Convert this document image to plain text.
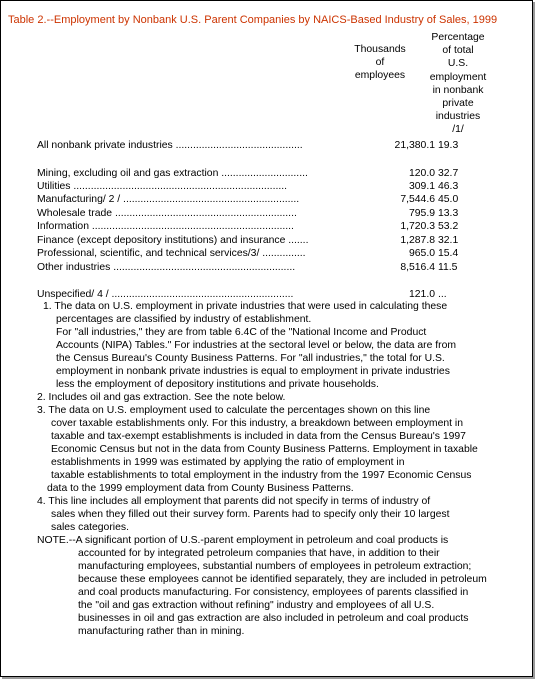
Table 2.--Employment by Nonbank U.S. Parent Companies by NAICS-Based Industry of Sales, 1999
Thousands
of
employees
Percentage
of total
U.S.
employment
in nonbank
private
industries
/1/
All nonbank private industries ............................................	21,380.1 19.3
Mining, excluding oil and gas extraction ..............................	120.0 32.7
Utilities ..........................................................................	309.1 46.3
Manufacturing/ 2 / .............................................................	7,544.6 45.0
Wholesale trade ...............................................................	795.9 13.3
Information ......................................................................	1,720.3 53.2
Finance (except depository institutions) and insurance .......	1,287.8 32.1
Professional, scientific, and technical services/3/ ...............	965.0 15.4
Other industries ...............................................................	8,516.4 11.5
Unspecified/ 4 / ...............................................................	121.0 ...
1. The data on U.S. employment in private industries that were used in calculating these
percentages are classified by industry of establishment.
For "all industries," they are from table 6.4C of the "National Income and Product
Accounts (NIPA) Tables." For industries at the sectoral level or below, the data are from
the Census Bureau's County Business Patterns. For "all industries," the total for U.S.
employment in nonbank private industries is equal to employment in private industries
less the employment of depository institutions and private households.
2. Includes oil and gas extraction. See the note below.
3. The data on U.S. employment used to calculate the percentages shown on this line
cover taxable establishments only. For this industry, a breakdown between employment in
taxable and tax-exempt establishments is included in data from the Census Bureau's 1997
Economic Census but not in the data from County Business Patterns. Employment in taxable
establishments in 1999 was estimated by applying the ratio of employment in
taxable establishments to total employment in the industry from the 1997 Economic Census
data to the 1999 employment data from County Business Patterns.
4. This line includes all employment that parents did not specify in terms of industry of
sales when they filled out their survey form. Parents had to specify only their 10 largest
sales categories.
NOTE.--A significant portion of U.S.-parent employment in petroleum and coal products is
accounted for by integrated petroleum companies that have, in addition to their
manufacturing employees, substantial numbers of employees in petroleum extraction;
because these employees cannot be identified separately, they are included in petroleum
and coal products manufacturing. For consistency, employees of parents classified in
the "oil and gas extraction without refining" industry and employees of all U.S.
businesses in oil and gas extraction are also included in petroleum and coal products
manufacturing rather than in mining.
